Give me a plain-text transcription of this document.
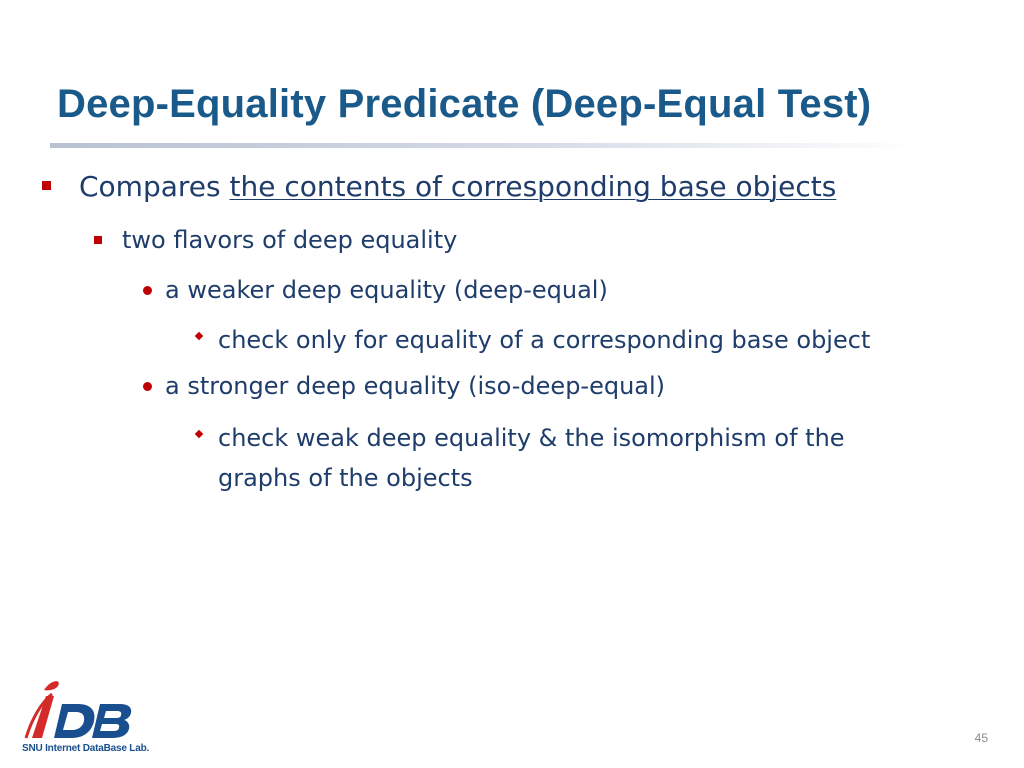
Deep-Equality Predicate (Deep-Equal Test)
Compares the contents of corresponding base objects
two flavors of deep equality
a weaker deep equality (deep-equal)
check only for equality of a corresponding base object
a stronger deep equality (iso-deep-equal)
check weak deep equality & the isomorphism of the
graphs of the objects
SNU Internet DataBase Lab.
45
